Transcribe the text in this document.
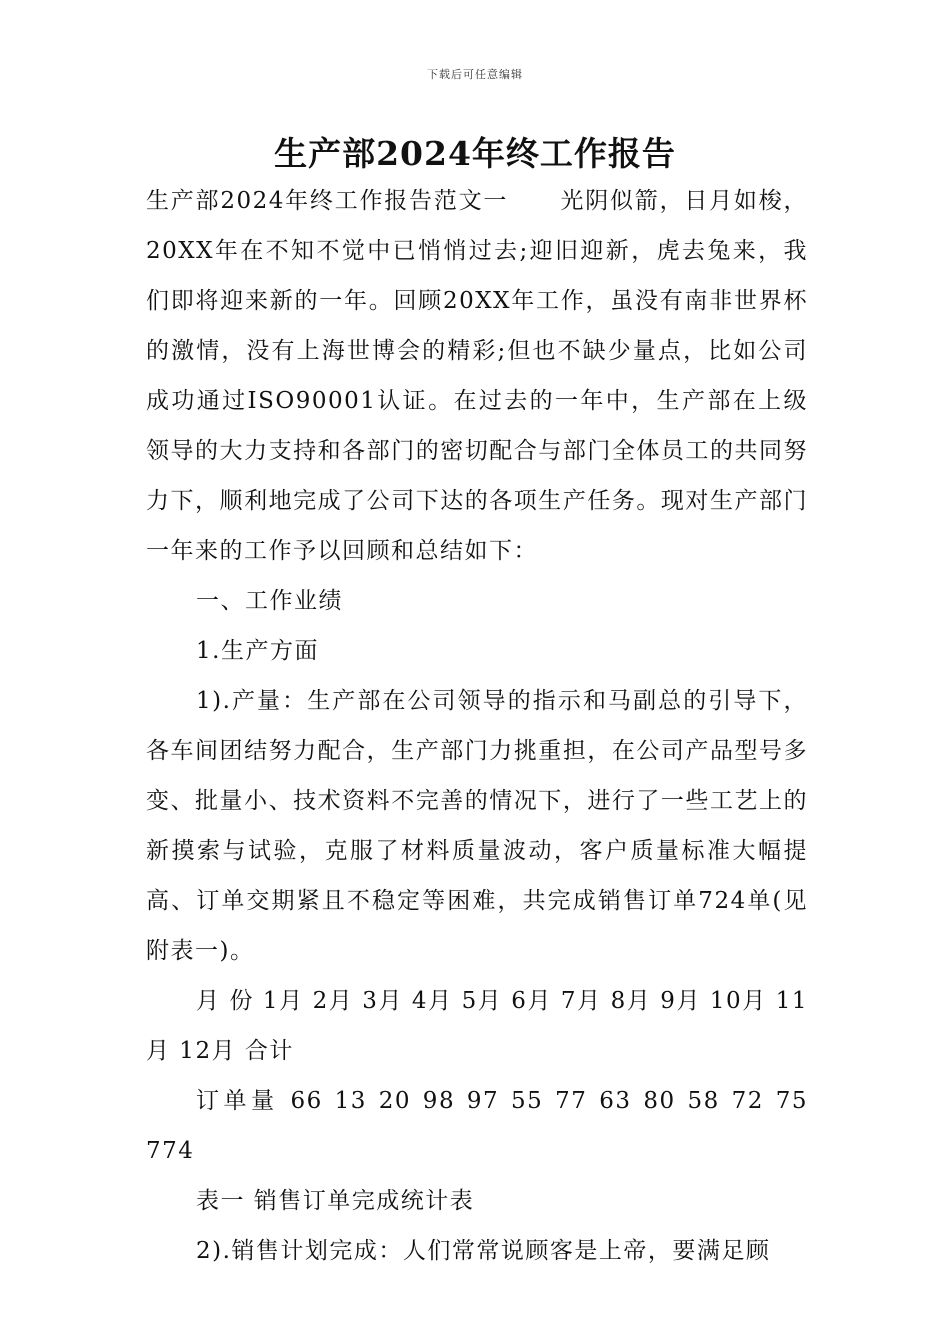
下载后可任意编辑
生产部2024年终工作报告

生产部2024年终工作报告范文一 光阴似箭，日月如梭，20XX年在不知不觉中已悄悄过去;迎旧迎新，虎去兔来，我们即将迎来新的一年。回顾20XX年工作，虽没有南非世界杯的激情，没有上海世博会的精彩;但也不缺少量点，比如公司成功通过ISO90001认证。在过去的一年中，生产部在上级领导的大力支持和各部门的密切配合与部门全体员工的共同努力下，顺利地完成了公司下达的各项生产任务。现对生产部门一年来的工作予以回顾和总结如下：

一、工作业绩

1.生产方面

1).产量：生产部在公司领导的指示和马副总的引导下，各车间团结努力配合，生产部门力挑重担，在公司产品型号多变、批量小、技术资料不完善的情况下，进行了一些工艺上的新摸索与试验，克服了材料质量波动，客户质量标准大幅提高、订单交期紧且不稳定等困难，共完成销售订单724单(见附表一)。

月 份 1月 2月 3月 4月 5月 6月 7月 8月 9月 10月 11月 12月 合计

订单量 66 13 20 98 97 55 77 63 80 58 72 75 774

表一 销售订单完成统计表

2).销售计划完成：人们常常说顾客是上帝，要满足顾
